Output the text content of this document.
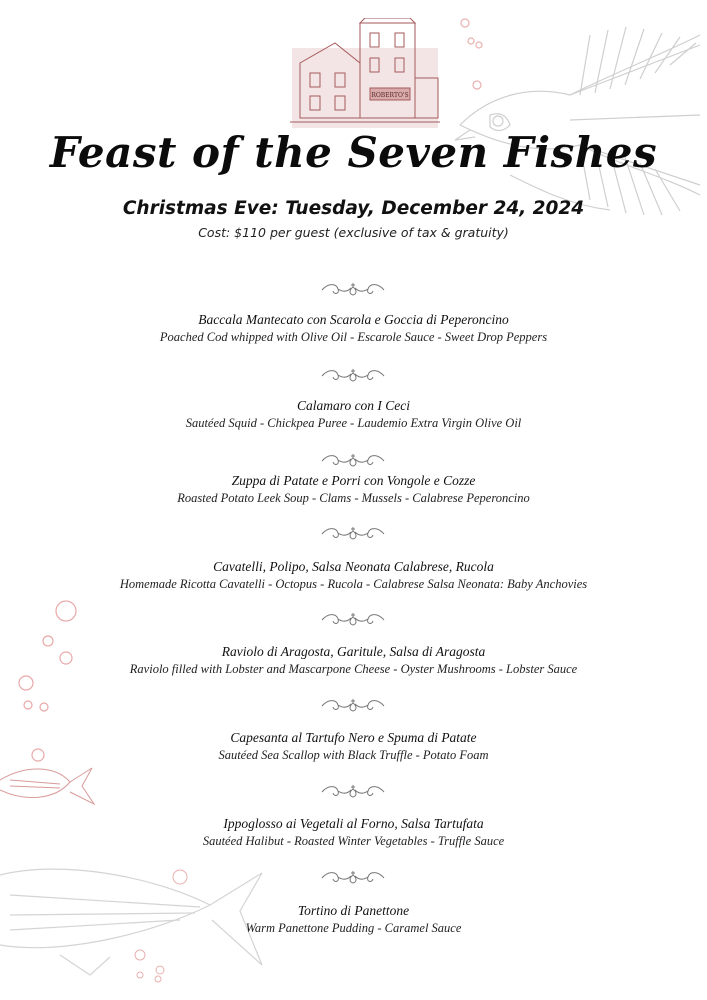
ROBERTO'S
Feast of the Seven Fishes
Christmas Eve: Tuesday, December 24, 2024
Cost: $110 per guest (exclusive of tax & gratuity)
Baccala Mantecato con Scarola e Goccia di Peperoncino
Poached Cod whipped with Olive Oil - Escarole Sauce - Sweet Drop Peppers
Calamaro con I Ceci
Sautéed Squid - Chickpea Puree - Laudemio Extra Virgin Olive Oil
Zuppa di Patate e Porri con Vongole e Cozze
Roasted Potato Leek Soup - Clams - Mussels - Calabrese Peperoncino
Cavatelli, Polipo, Salsa Neonata Calabrese, Rucola
Homemade Ricotta Cavatelli - Octopus - Rucola - Calabrese Salsa Neonata: Baby Anchovies
Raviolo di Aragosta, Garitule, Salsa di Aragosta
Raviolo filled with Lobster and Mascarpone Cheese - Oyster Mushrooms - Lobster Sauce
Capesanta al Tartufo Nero e Spuma di Patate
Sautéed Sea Scallop with Black Truffle - Potato Foam
Ippoglosso ai Vegetali al Forno, Salsa Tartufata
Sautéed Halibut - Roasted Winter Vegetables - Truffle Sauce
Tortino di Panettone
Warm Panettone Pudding - Caramel Sauce
